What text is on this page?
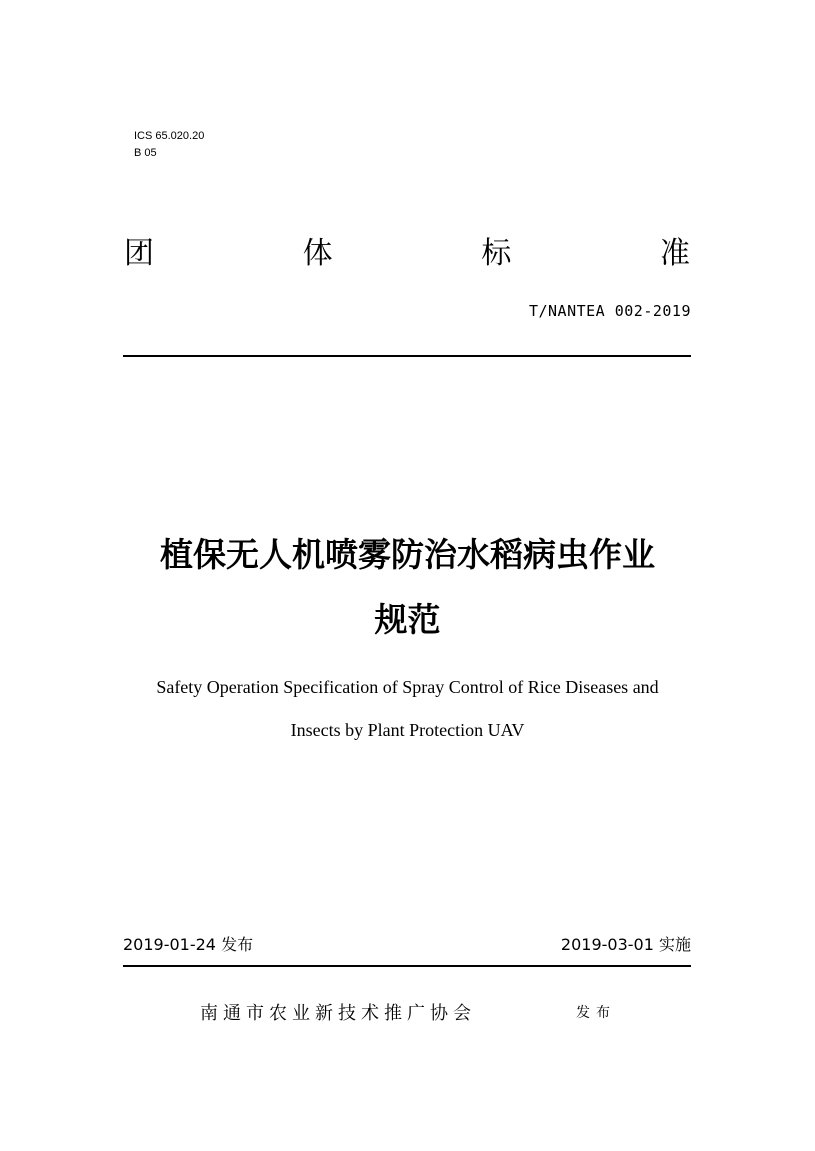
ICS 65.020.20
B 05
团	体	标	准
T/NANTEA 002-2019
植保无人机喷雾防治水稻病虫作业
规范
Safety Operation Specification of Spray Control of Rice Diseases and
Insects by Plant Protection UAV
2019-01-24 发布	2019-03-01 实施
南通市农业新技术推广协会	发布
